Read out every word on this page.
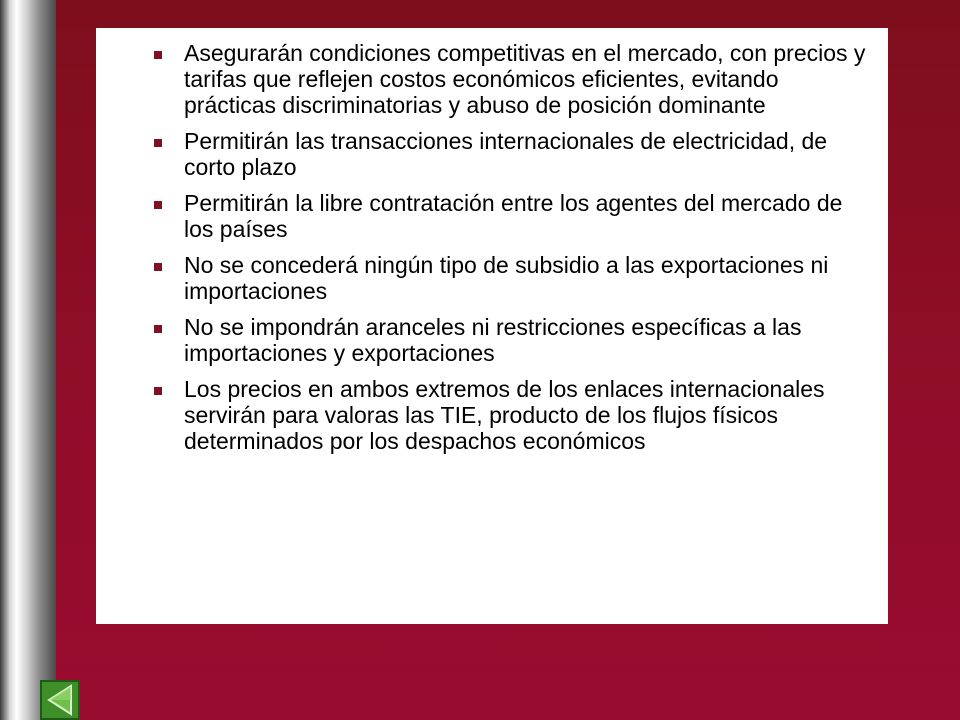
Asegurarán condiciones competitivas en el mercado, con precios y tarifas que reflejen costos económicos eficientes, evitando prácticas discriminatorias y abuso de posición dominante
Permitirán las transacciones internacionales de electricidad, de corto plazo
Permitirán la libre contratación entre los agentes del mercado de los países
No se concederá ningún tipo de subsidio a las exportaciones ni importaciones
No se impondrán aranceles ni restricciones específicas a las importaciones y exportaciones
Los precios en ambos extremos de los enlaces internacionales servirán para valoras las TIE, producto de los flujos físicos determinados por los despachos económicos
